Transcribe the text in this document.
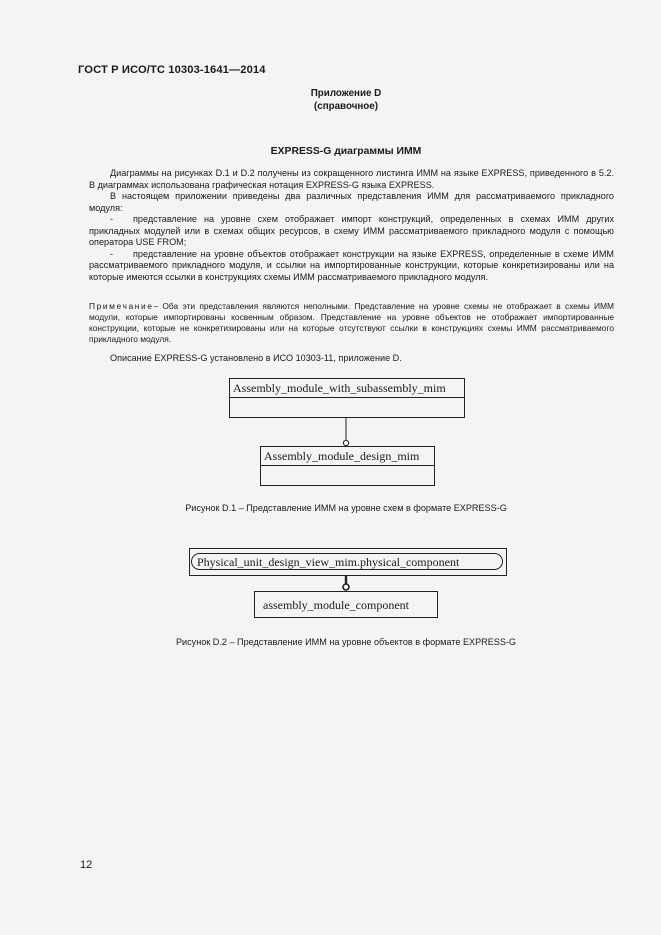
ГОСТ Р ИСО/ТС 10303-1641—2014
Приложение D
(справочное)
EXPRESS-G диаграммы ИММ

Диаграммы на рисунках D.1 и D.2 получены из сокращенного листинга ИММ на языке EXPRESS, приведенного в 5.2. В диаграммах использована графическая нотация EXPRESS-G языка EXPRESS.

В настоящем приложении приведены два различных представления ИММ для рассматриваемого прикладного модуля:

- представление на уровне схем отображает импорт конструкций, определенных в схемах ИММ других прикладных модулей или в схемах общих ресурсов, в схему ИММ рассматриваемого прикладного модуля с помощью оператора USE FROM;

- представление на уровне объектов отображает конструкции на языке EXPRESS, определенные в схеме ИММ рассматриваемого прикладного модуля, и ссылки на импортированные конструкции, которые конкретизированы или на которые имеются ссылки в конструкциях схемы ИММ рассматриваемого прикладного модуля.

Примечание– Оба эти представления являются неполными. Представление на уровне схемы не отображает в схемы ИММ модули, которые импортированы косвенным образом. Представление на уровне объектов не отображает импортированные конструкции, которые не конкретизированы или на которые отсутствуют ссылки в конструкциях схемы ИММ рассматриваемого прикладного модуля.
Описание EXPRESS-G установлено в ИСО 10303-11, приложение D.
Assembly_module_with_subassembly_mim
Assembly_module_design_mim
Рисунок D.1 – Представление ИММ на уровне схем в формате EXPRESS-G
Physical_unit_design_view_mim.physical_component
assembly_module_component
Рисунок D.2 – Представление ИММ на уровне объектов в формате EXPRESS-G
12
